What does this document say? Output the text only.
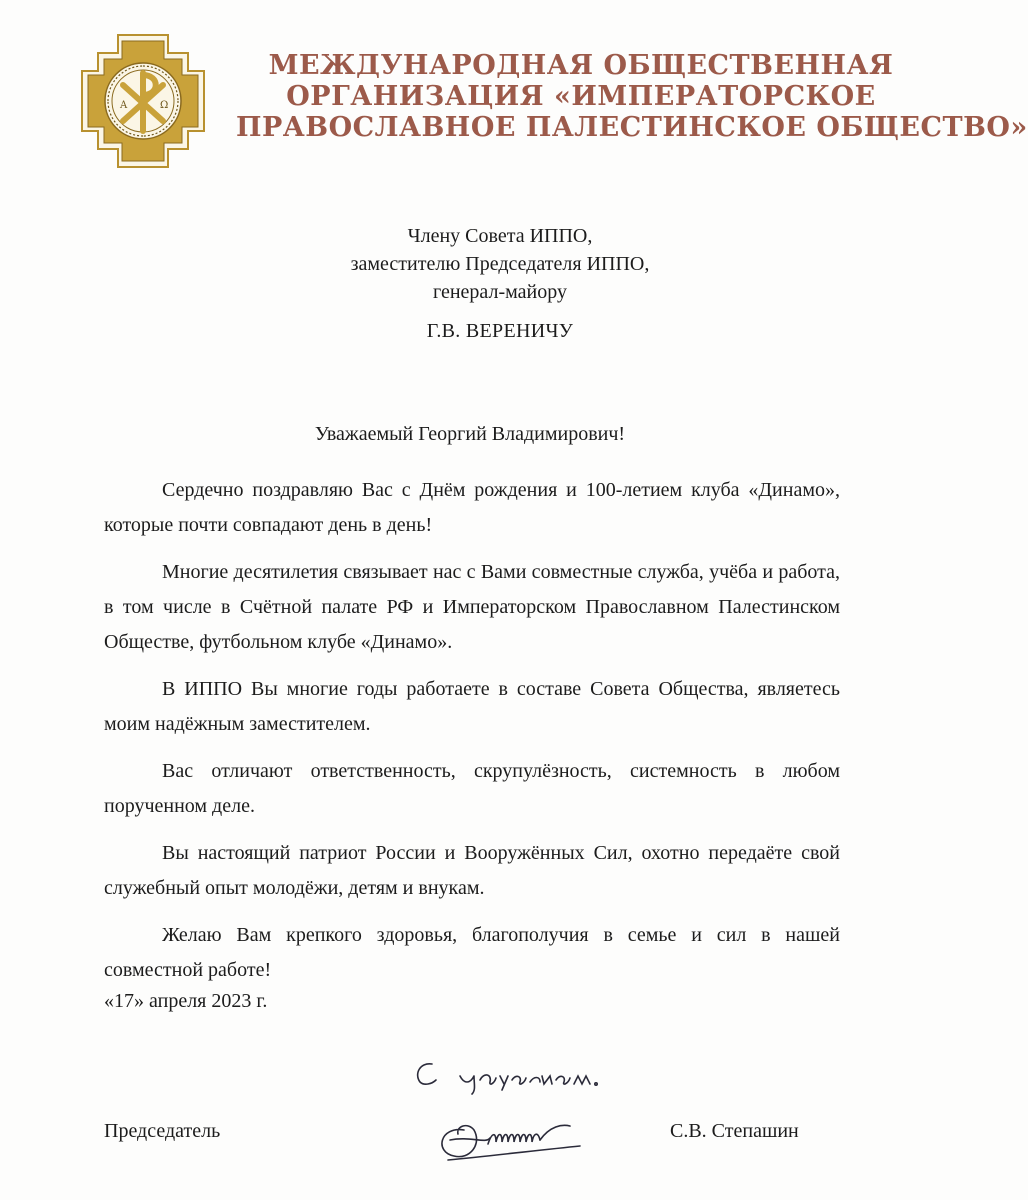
A	Ω
МЕЖДУНАРОДНАЯ ОБЩЕСТВЕННАЯ
ОРГАНИЗАЦИЯ «ИМПЕРАТОРСКОЕ
ПРАВОСЛАВНОЕ ПАЛЕСТИНСКОЕ ОБЩЕСТВО»
Члену Совета ИППО,
заместителю Председателя ИППО,
генерал-майору
Г.В. ВЕРЕНИЧУ
Уважаемый Георгий Владимирович!

Сердечно поздравляю Вас с Днём рождения и 100-летием клуба «Динамо», которые почти совпадают день в день!

Многие десятилетия связывает нас с Вами совместные служба, учёба и работа, в том числе в Счётной палате РФ и Императорском Православном Палестинском Обществе, футбольном клубе «Динамо».

В ИППО Вы многие годы работаете в составе Совета Общества, являетесь моим надёжным заместителем.

Вас отличают ответственность, скрупулёзность, системность в любом порученном деле.

Вы настоящий патриот России и Вооружённых Сил, охотно передаёте свой служебный опыт молодёжи, детям и внукам.

Желаю Вам крепкого здоровья, благополучия в семье и сил в нашей совместной работе!

«17» апреля 2023 г.
Председатель	С.В. Степашин
